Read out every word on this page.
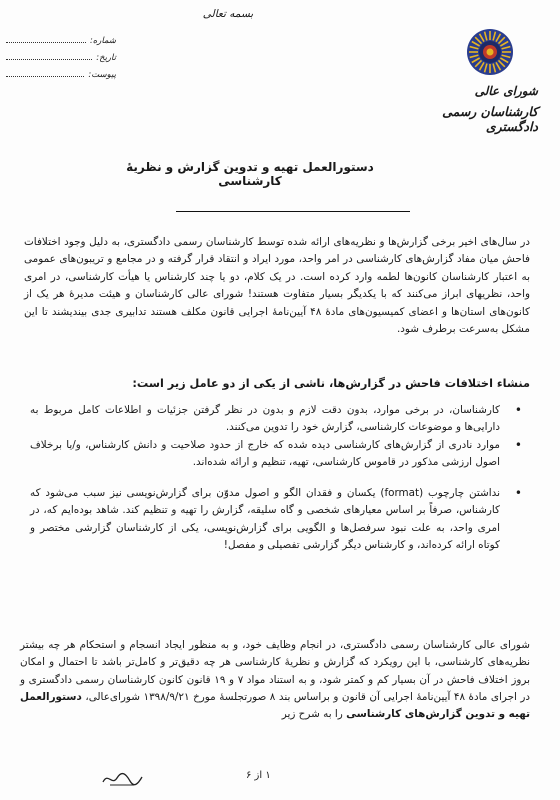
شماره:
تاریخ:
پیوست:
بسمه تعالی
شورای عالی
کارشناسان رسمی دادگستری
دستورالعمل تهیه و تدوین گزارش و نظریهٔ کارشناسی

در سال‌های اخیر برخی گزارش‌ها و نظریه‌های ارائه شده توسط کارشناسان رسمی دادگستری، به دلیل وجود اختلافات فاحش میان مفاد گزارش‌های کارشناسی در امر واحد، مورد ایراد و انتقاد قرار گرفته و در مجامع و تریبون‌های عمومی به اعتبار کارشناسان کانون‌ها لطمه وارد کرده است. در یک کلام، دو یا چند کارشناس یا هیأت کارشناسی، در امری واحد، نظریهای ابراز می‌کنند که با یکدیگر بسیار متفاوت هستند! شورای عالی کارشناسان و هیئت مدیرهٔ هر یک از کانون‌های استان‌ها و اعضای کمیسیون‌های مادهٔ ۴۸ آیین‌نامهٔ اجرایی قانون مکلف هستند تدابیری جدی بیندیشند تا این مشکل به‌سرعت برطرف شود.

منشاء اختلافات فاحش در گزارش‌ها، ناشی از یکی از دو عامل زیر است:
•
کارشناسان، در برخی موارد، بدون دقت لازم و بدون در نظر گرفتن جزئیات و اطلاعات کامل مربوط به دارایی‌ها و موضوعات کارشناسی، گزارش خود را تدوین می‌کنند.
•
موارد نادری از گزارش‌های کارشناسی دیده شده که خارج از حدود صلاحیت و دانش کارشناس، و/یا برخلاف اصول ارزشی مذکور در قاموس کارشناسی، تهیه، تنظیم و ارائه شده‌اند.
•
نداشتن چارچوب (format) یکسان و فقدان الگو و اصول مدوّن برای گزارش‌نویسی نیز سبب می‌شود که کارشناس، صرفاً بر اساس معیارهای شخصی و گاه سلیقه، گزارش را تهیه و تنظیم کند. شاهد بوده‌ایم که، در امری واحد، به علت نبود سرفصل‌ها و الگویی برای گزارش‌نویسی، یکی از کارشناسان گزارشی مختصر و کوتاه ارائه کرده‌اند، و کارشناس دیگر گزارشی تفصیلی و مفصل!

شورای عالی کارشناسان رسمی دادگستری، در انجام وظایف خود، و به منظور ایجاد انسجام و استحکام هر چه بیشتر نظریه‌های کارشناسی، با این رویکرد که گزارش و نظریهٔ کارشناسی هر چه دقیق‌تر و کامل‌تر باشد تا احتمال و امکان بروز اختلاف فاحش در آن بسیار کم و کمتر شود، و به استناد مواد ۷ و ۱۹ قانون کانون کارشناسان رسمی دادگستری و در اجرای مادهٔ ۴۸ آیین‌نامهٔ اجرایی آن قانون و براساس بند ۸ صورتجلسهٔ مورخ ۱۳۹۸/۹/۲۱ شورای‌عالی، دستورالعمل تهیه و تدوین گزارش‌های کارشناسی را به شرح زیر

۱ از ۶
